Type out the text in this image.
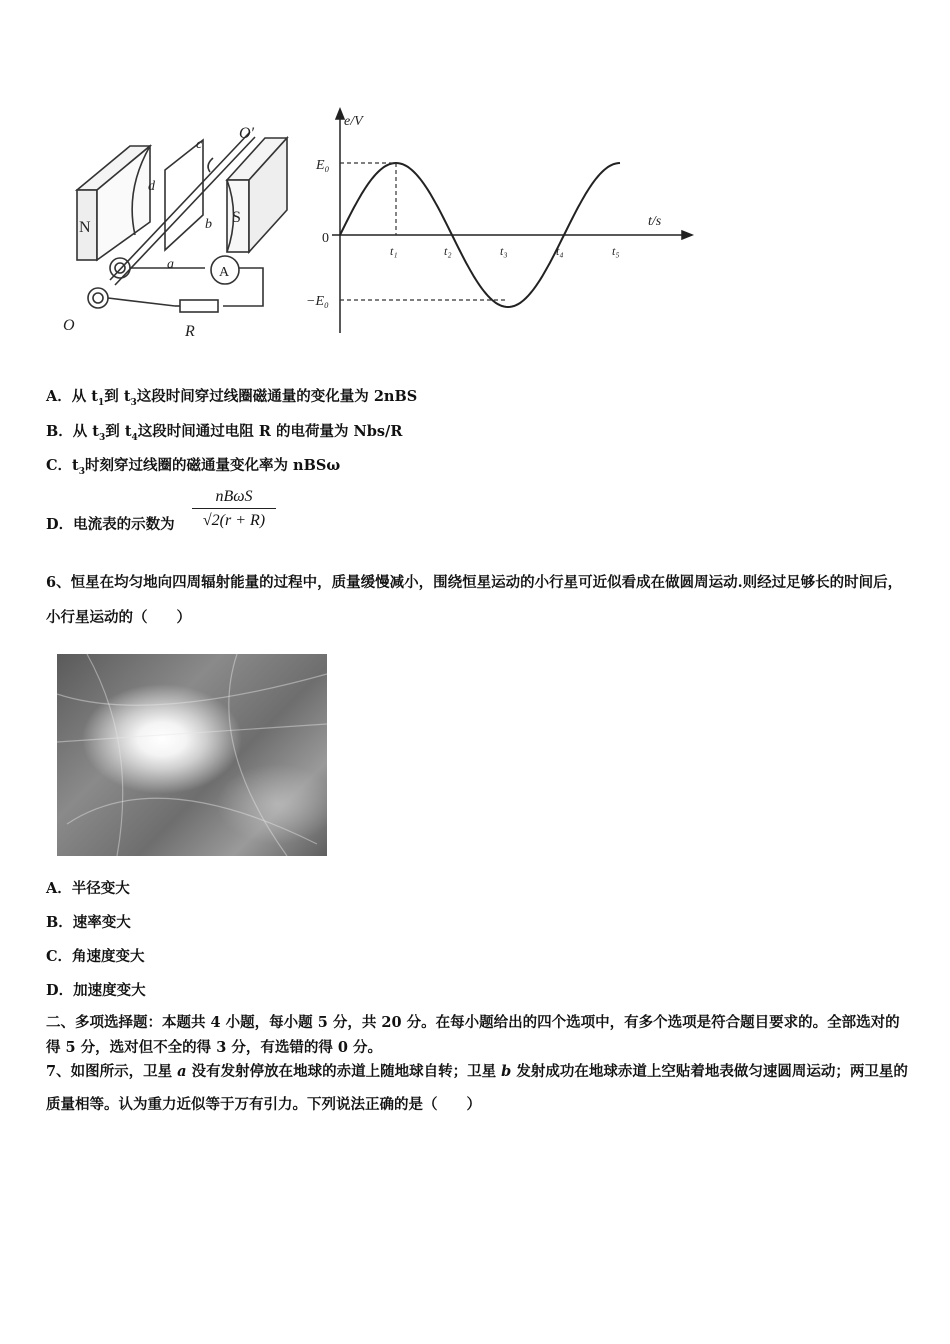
N
S
O′
O
c
d
b
a
A
R
e/V
t/s
0
E₀
−E₀
t₁	t₂	t₃	t₄	t₅
A．从 $t_1$到 $t_3$这段时间穿过线圈磁通量的变化量为 2nBS
B．从 $t_3$到 $t_4$这段时间通过电阻 R 的电荷量为 Nbs/R
C．$t_3$时刻穿过线圈的磁通量变化率为 nBSω
D．电流表的示数为
nBωS
√2(r + R)
6、恒星在均匀地向四周辐射能量的过程中，质量缓慢减小，围绕恒星运动的小行星可近似看成在做圆周运动.则经过足够长的时间后，小行星运动的（　　）
A．半径变大
B．速率变大
C．角速度变大
D．加速度变大
二、多项选择题：本题共 4 小题，每小题 5 分，共 20 分。在每小题给出的四个选项中，有多个选项是符合题目要求的。全部选对的得 5 分，选对但不全的得 3 分，有选错的得 0 分。
7、如图所示，卫星 a 没有发射停放在地球的赤道上随地球自转；卫星 b 发射成功在地球赤道上空贴着地表做匀速圆周运动；两卫星的质量相等。认为重力近似等于万有引力。下列说法正确的是（　　）
